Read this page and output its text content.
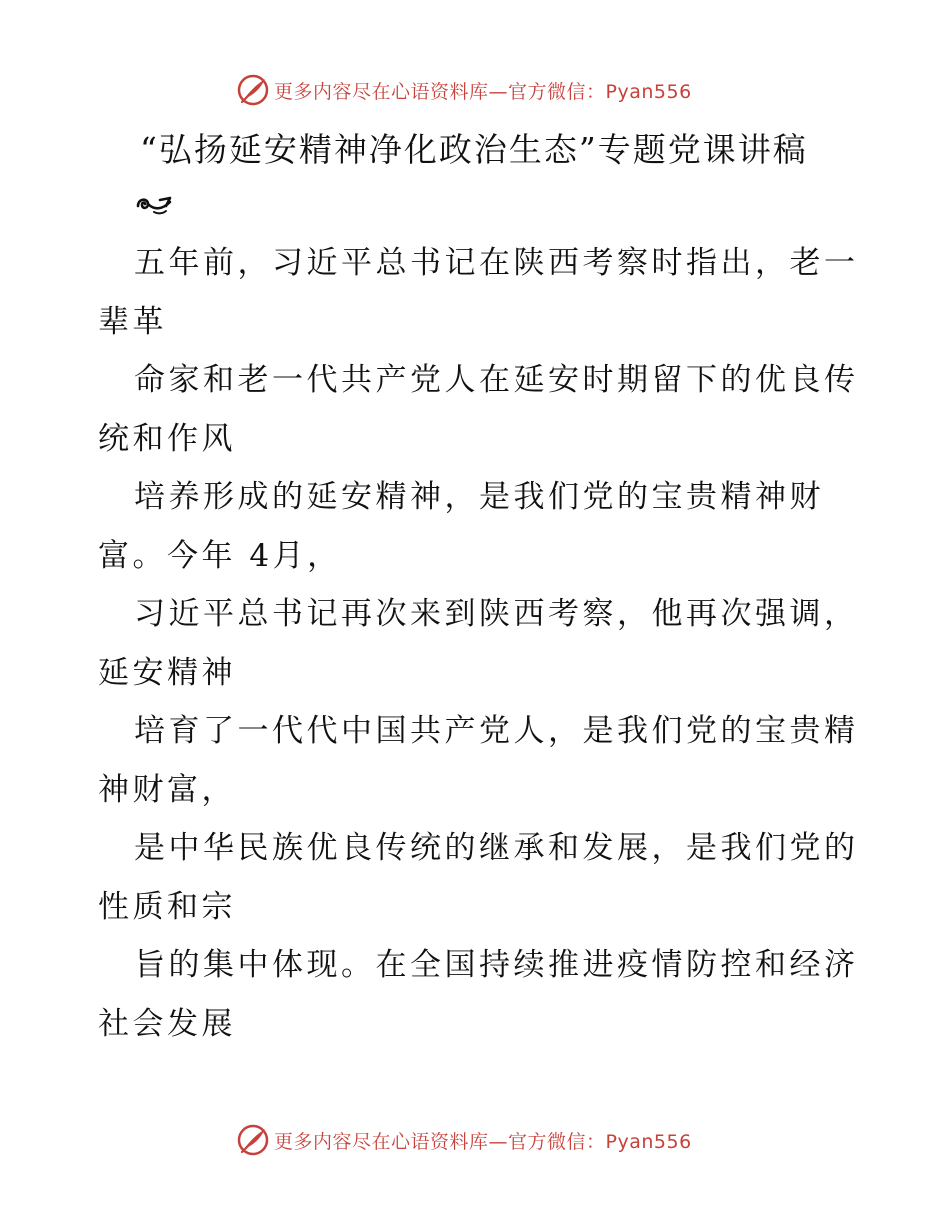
更多内容尽在心语资料库—官方微信：Pyan556
“弘扬延安精神净化政治生态”专题党课讲稿
五年前，习近平总书记在陕西考察时指出，老一
辈革
命家和老一代共产党人在延安时期留下的优良传
统和作风
培养形成的延安精神，是我们党的宝贵精神财
富。今年 4月，
习近平总书记再次来到陕西考察，他再次强调，
延安精神
培育了一代代中国共产党人，是我们党的宝贵精
神财富，
是中华民族优良传统的继承和发展，是我们党的
性质和宗
旨的集中体现。在全国持续推进疫情防控和经济
社会发展
更多内容尽在心语资料库—官方微信：Pyan556
